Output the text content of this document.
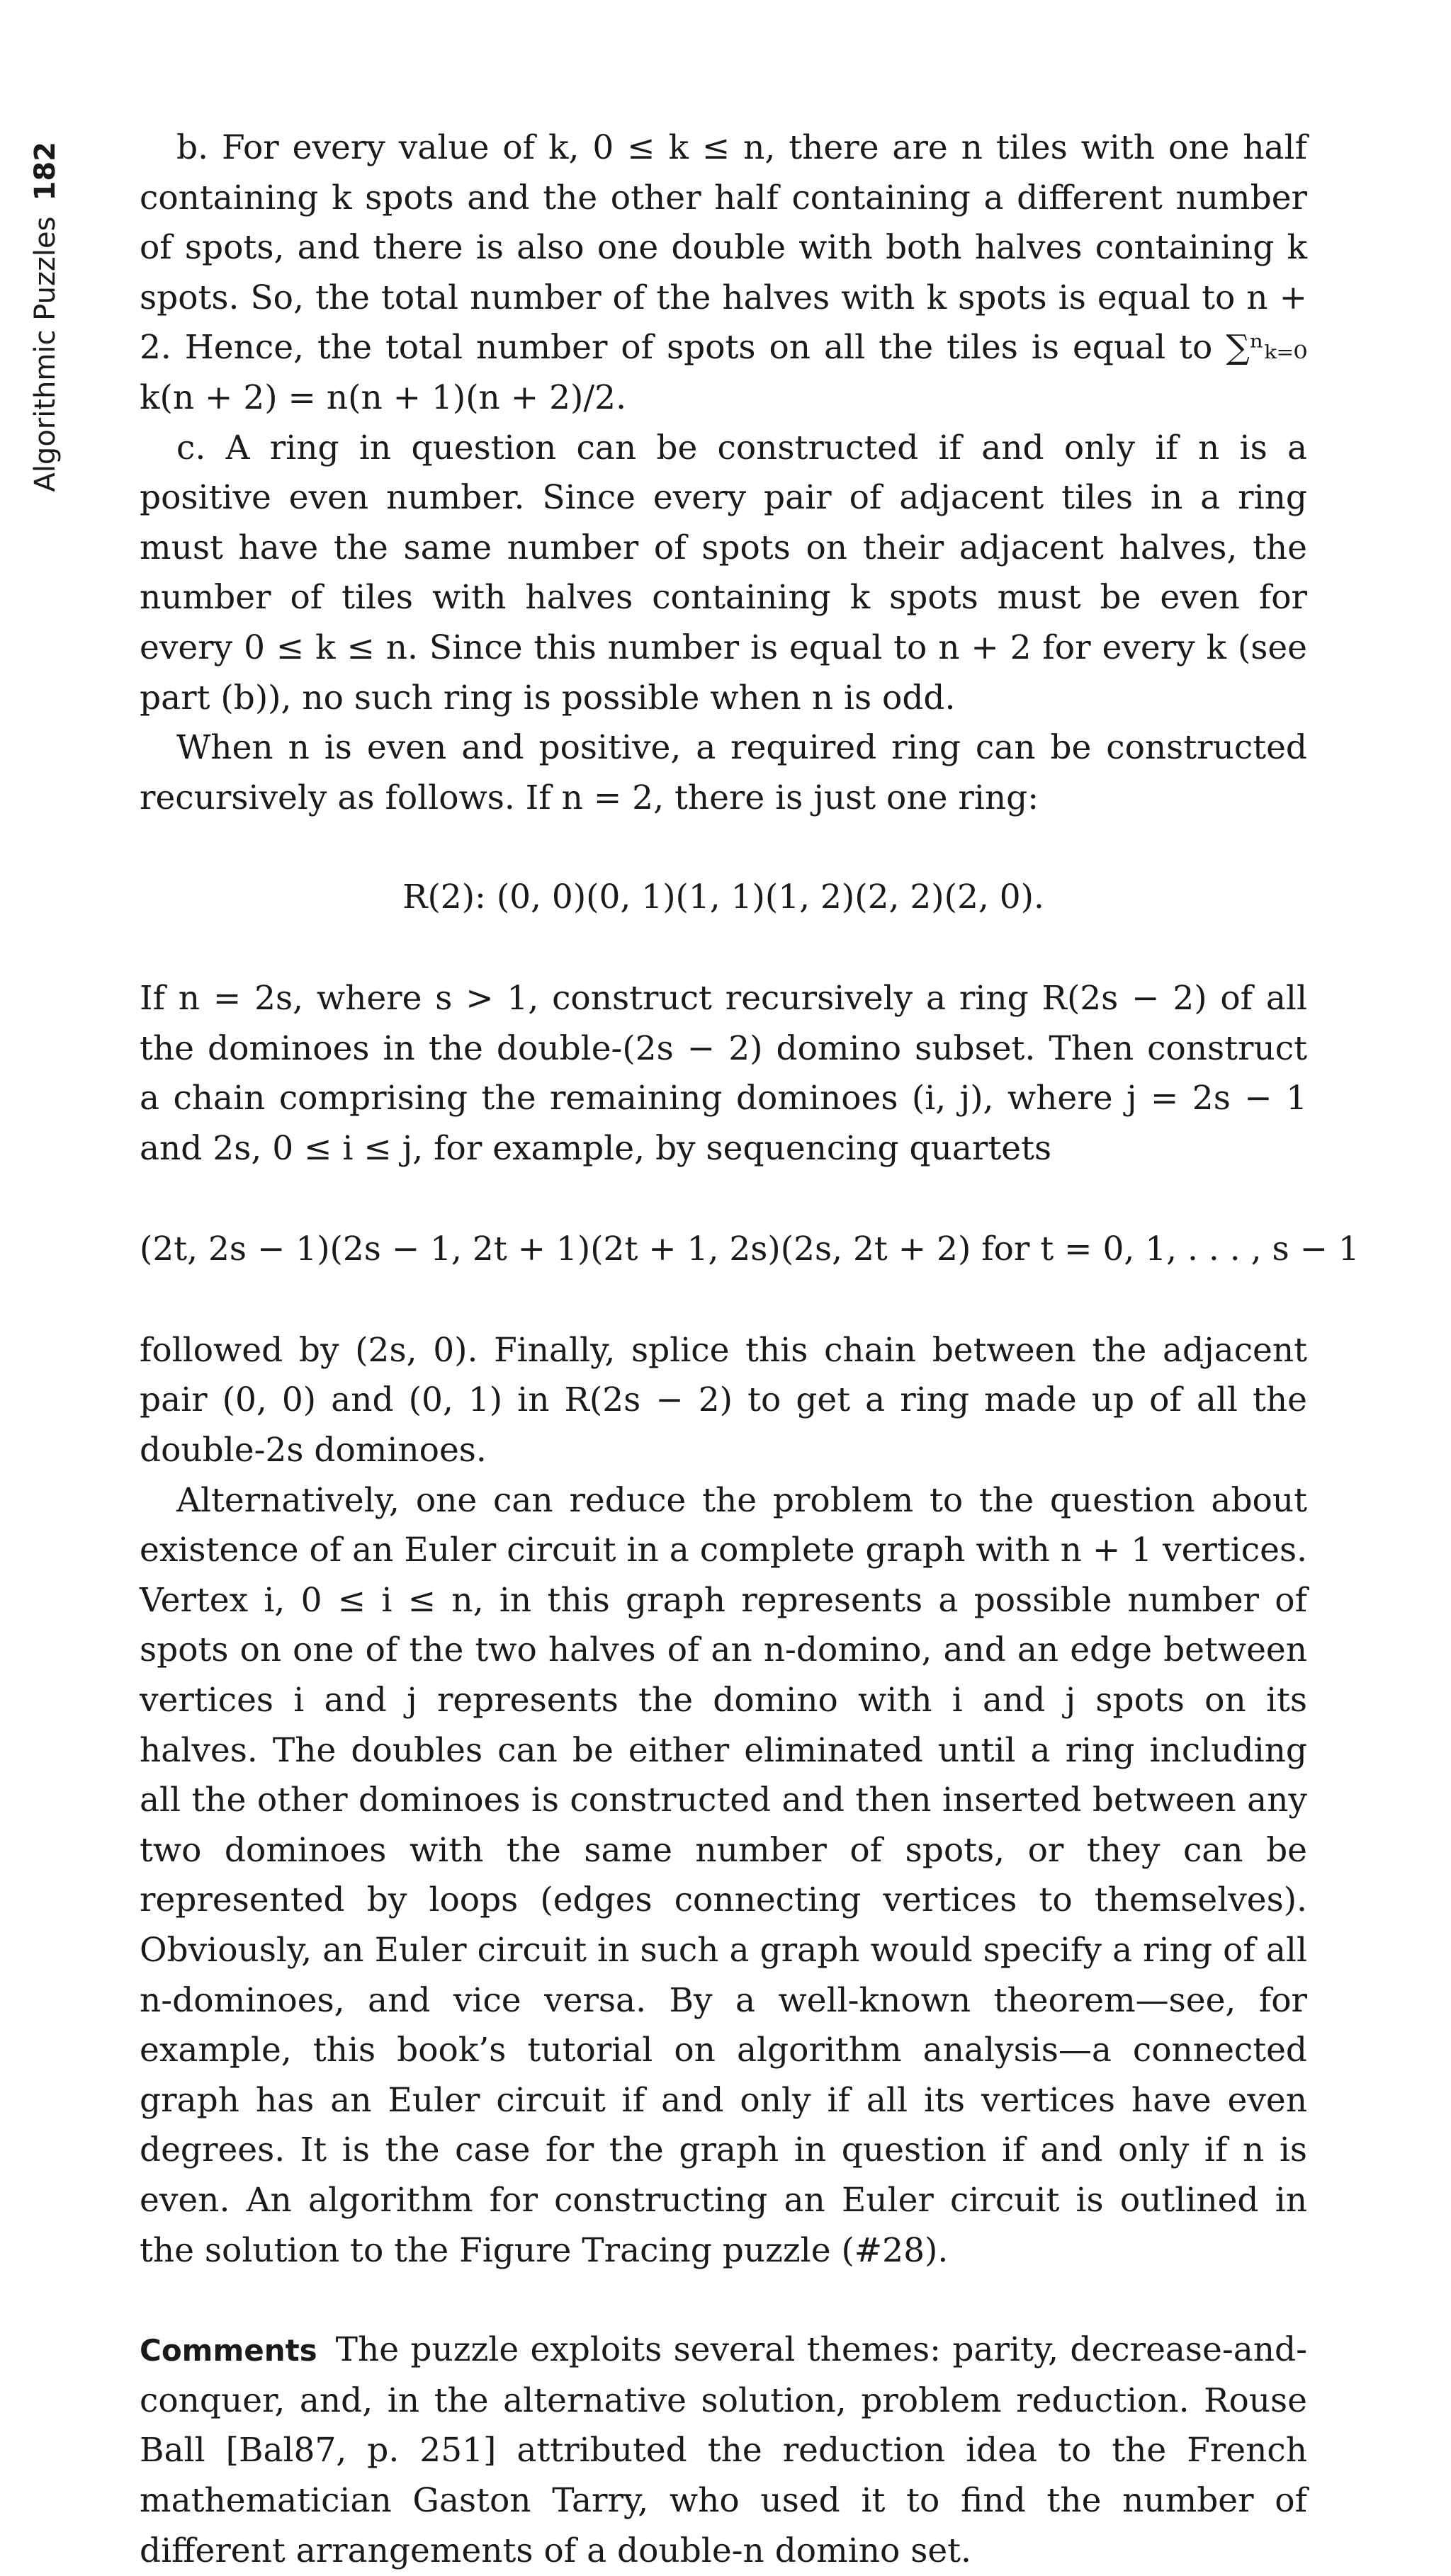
Algorithmic Puzzles
182	b. For every value of k, 0 ≤ k ≤ n, there are n tiles with one half containing k spots and the other half containing a different number of spots, and there is also one double with both halves containing k spots. So, the total number of the halves with k spots is equal to n + 2. Hence, the total number of spots on all the tiles is equal to ∑ⁿₖ₌₀ k(n + 2) = n(n + 1)(n + 2)/2.

c. A ring in question can be constructed if and only if n is a positive even number. Since every pair of adjacent tiles in a ring must have the same number of spots on their adjacent halves, the number of tiles with halves containing k spots must be even for every 0 ≤ k ≤ n. Since this number is equal to n + 2 for every k (see part (b)), no such ring is possible when n is odd.

When n is even and positive, a required ring can be constructed recursively as follows. If n = 2, there is just one ring:

R(2): (0, 0)(0, 1)(1, 1)(1, 2)(2, 2)(2, 0).

If n = 2s, where s > 1, construct recursively a ring R(2s − 2) of all the dominoes in the double-(2s − 2) domino subset. Then construct a chain comprising the remaining dominoes (i, j), where j = 2s − 1 and 2s, 0 ≤ i ≤ j, for example, by sequencing quartets

(2t, 2s − 1)(2s − 1, 2t + 1)(2t + 1, 2s)(2s, 2t + 2) for t = 0, 1, . . . , s − 1

followed by (2s, 0). Finally, splice this chain between the adjacent pair (0, 0) and (0, 1) in R(2s − 2) to get a ring made up of all the double-2s dominoes.

Alternatively, one can reduce the problem to the question about existence of an Euler circuit in a complete graph with n + 1 vertices. Vertex i, 0 ≤ i ≤ n, in this graph represents a possible number of spots on one of the two halves of an n-domino, and an edge between vertices i and j represents the domino with i and j spots on its halves. The doubles can be either eliminated until a ring including all the other dominoes is constructed and then inserted between any two dominoes with the same number of spots, or they can be represented by loops (edges connecting vertices to themselves). Obviously, an Euler circuit in such a graph would specify a ring of all n-dominoes, and vice versa. By a well-known theorem—see, for example, this book’s tutorial on algorithm analysis—a connected graph has an Euler circuit if and only if all its vertices have even degrees. It is the case for the graph in question if and only if n is even. An algorithm for constructing an Euler circuit is outlined in the solution to the Figure Tracing puzzle (#28).

Comments The puzzle exploits several themes: parity, decrease-and-conquer, and, in the alternative solution, problem reduction. Rouse Ball [Bal87, p. 251] attributed the reduction idea to the French mathematician Gaston Tarry, who used it to find the number of different arrangements of a double-n domino set.
